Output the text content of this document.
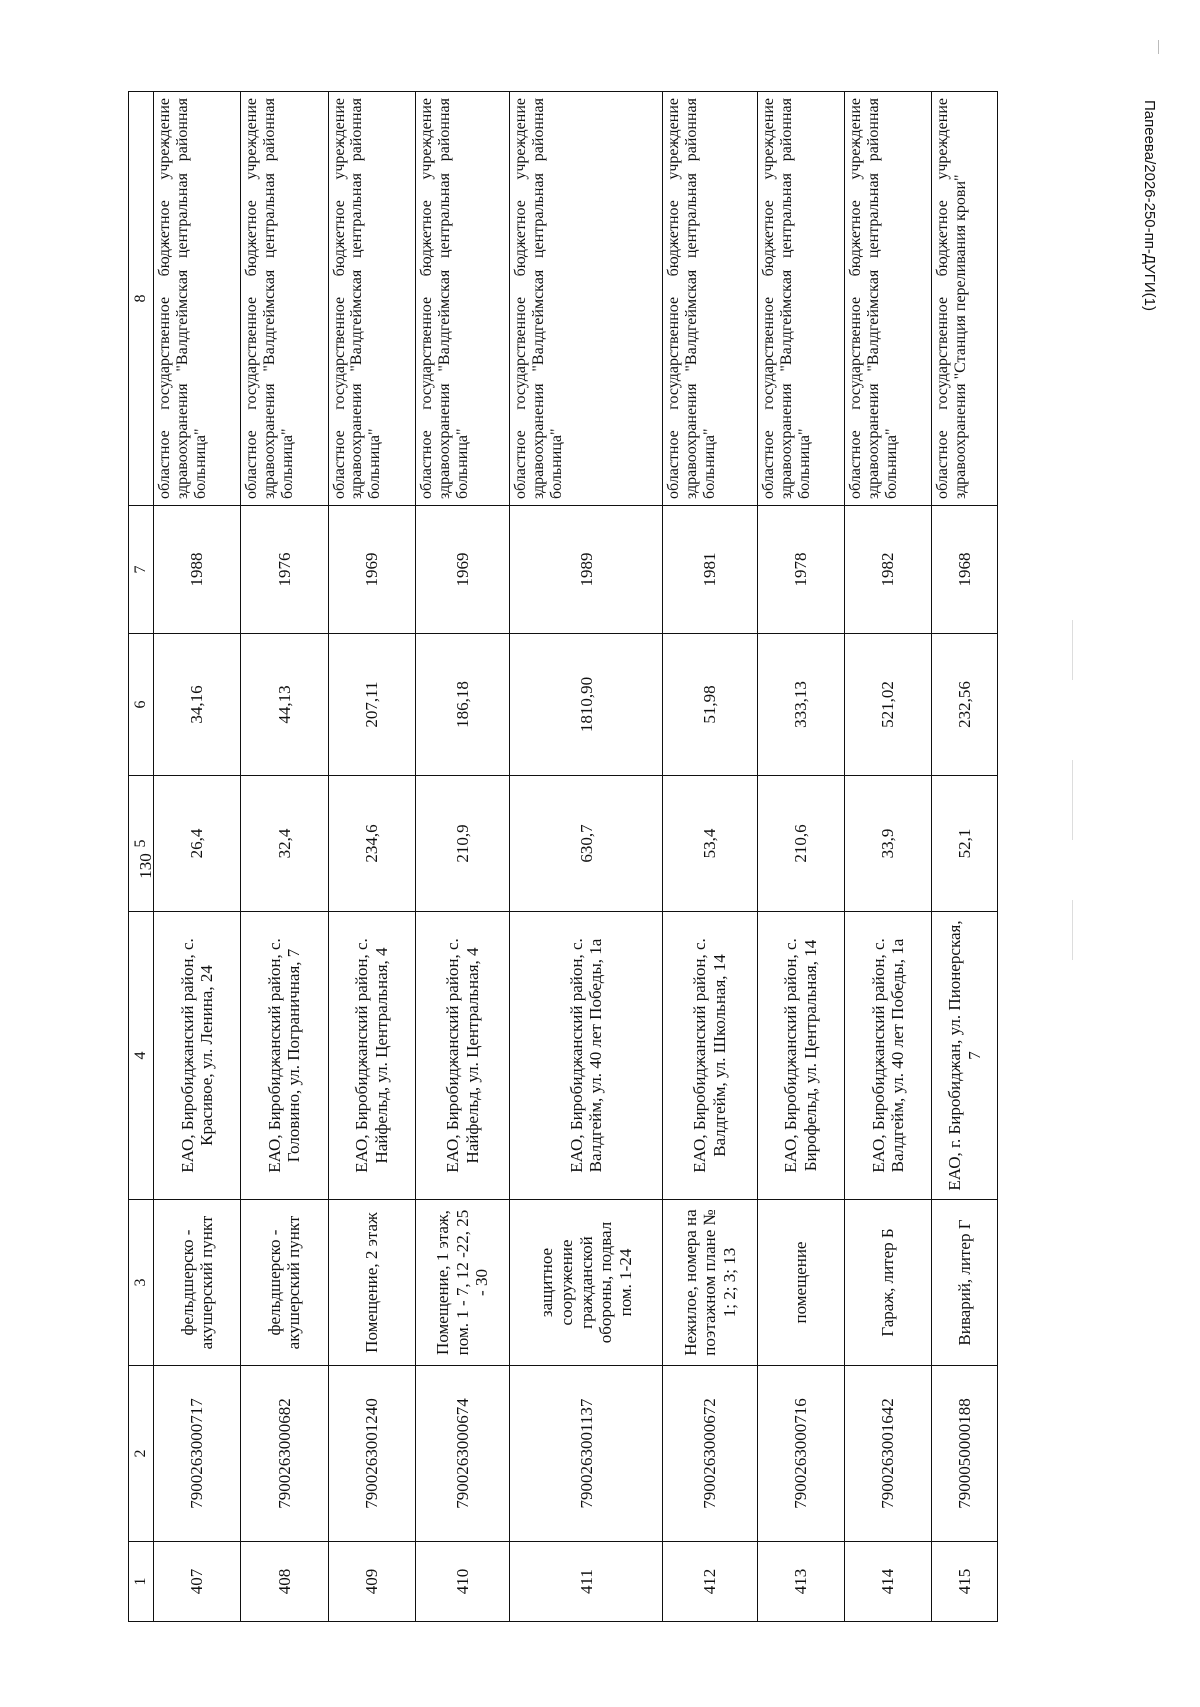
130
Папеева/2026-250-пп-ДУГИ(1)
1	2	3	4	5	6	7	8
407	7900263000717	фельдшерско - акушерский пункт	ЕАО, Биробиджанский район, с. Красивое, ул. Ленина, 24	26,4	34,16	1988	областное государственное бюджетное учреждение здравоохранения "Валдгеймская центральная районная больница"
408	7900263000682	фельдшерско - акушерский пункт	ЕАО, Биробиджанский район, с. Головино, ул. Пограничная, 7	32,4	44,13	1976	областное государственное бюджетное учреждение здравоохранения "Валдгеймская центральная районная больница"
409	7900263001240	Помещение, 2 этаж	ЕАО, Биробиджанский район, с. Найфельд, ул. Центральная, 4	234,6	207,11	1969	областное государственное бюджетное учреждение здравоохранения "Валдгеймская центральная районная больница"
410	7900263000674	Помещение, 1 этаж, пом. 1 - 7, 12 -22, 25 - 30	ЕАО, Биробиджанский район, с. Найфельд, ул. Центральная, 4	210,9	186,18	1969	областное государственное бюджетное учреждение здравоохранения "Валдгеймская центральная районная больница"
411	7900263001137	защитное сооружение гражданской обороны, подвал пом. 1-24	ЕАО, Биробиджанский район, с. Валдгейм, ул. 40 лет Победы, 1а	630,7	1810,90	1989	областное государственное бюджетное учреждение здравоохранения "Валдгеймская центральная районная больница"
412	7900263000672	Нежилое, номера на поэтажном плане № 1; 2; 3; 13	ЕАО, Биробиджанский район, с. Валдгейм, ул. Школьная, 14	53,4	51,98	1981	областное государственное бюджетное учреждение здравоохранения "Валдгеймская центральная районная больница"
413	7900263000716	помещение	ЕАО, Биробиджанский район, с. Бирофельд, ул. Центральная, 14	210,6	333,13	1978	областное государственное бюджетное учреждение здравоохранения "Валдгеймская центральная районная больница"
414	7900263001642	Гараж, литер Б	ЕАО, Биробиджанский район, с. Валдгейм, ул. 40 лет Победы, 1а	33,9	521,02	1982	областное государственное бюджетное учреждение здравоохранения "Валдгеймская центральная районная больница"
415	7900050000188	Виварий, литер Г	ЕАО, г. Биробиджан, ул. Пионерская, 7	52,1	232,56	1968	областное государственное бюджетное учреждение здравоохранения "Станция переливания крови"
